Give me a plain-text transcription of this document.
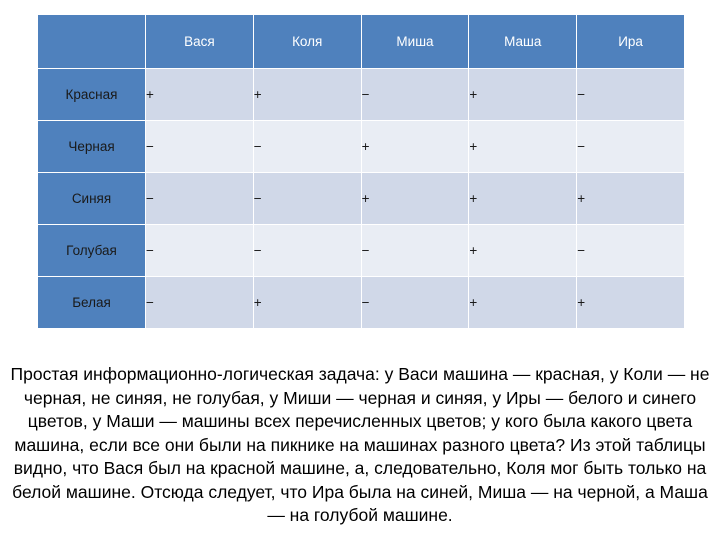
	Вася	Коля	Миша	Маша	Ира
Красная	+	+	−	+	−
Черная	−	−	+	+	−
Синяя	−	−	+	+	+
Голубая	−	−	−	+	−
Белая	−	+	−	+	+
Простая информационно-логическая задача: у Васи машина — красная, у Коли — не черная, не синяя, не голубая, у Миши — черная и синяя, у Иры — белого и синего цветов, у Маши — машины всех перечисленных цветов; у кого была какого цвета машина, если все они были на пикнике на машинах разного цвета? Из этой таблицы видно, что Вася был на красной машине, а, следовательно, Коля мог быть только на белой машине. Отсюда следует, что Ира была на синей, Миша — на черной, а Маша — на голубой машине.
